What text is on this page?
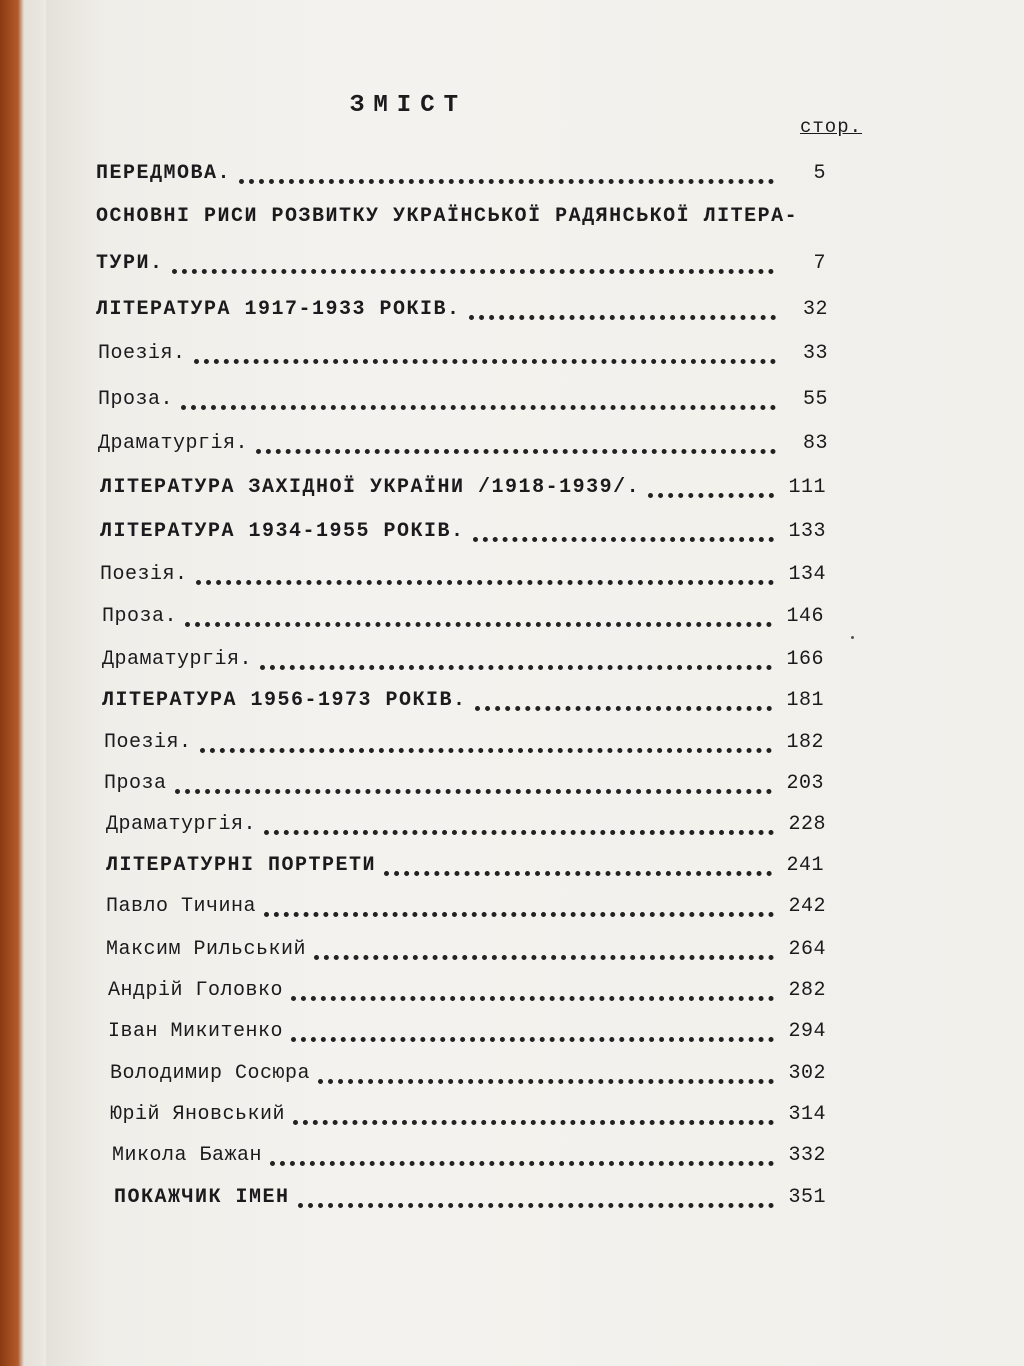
ЗМІСТ
стор.
ПЕРЕДМОВА.	5
ОСНОВНІ РИСИ РОЗВИТКУ УКРАЇНСЬКОЇ РАДЯНСЬКОЇ ЛІТЕРА-
ТУРИ.	7
ЛІТЕРАТУРА 1917-1933 РОКІВ.	32
Поезія.	33
Проза.	55
Драматургія.	83
ЛІТЕРАТУРА ЗАХІДНОЇ УКРАЇНИ /1918-1939/.	111
ЛІТЕРАТУРА 1934-1955 РОКІВ.	133
Поезія.	134
Проза.	146
Драматургія.	166
ЛІТЕРАТУРА 1956-1973 РОКІВ.	181
Поезія.	182
Проза	203
Драматургія.	228
ЛІТЕРАТУРНІ ПОРТРЕТИ	241
Павло Тичина	242
Максим Рильський	264
Андрій Головко	282
Іван Микитенко	294
Володимир Сосюра	302
Юрій Яновський	314
Микола Бажан	332
ПОКАЖЧИК ІМЕН	351
